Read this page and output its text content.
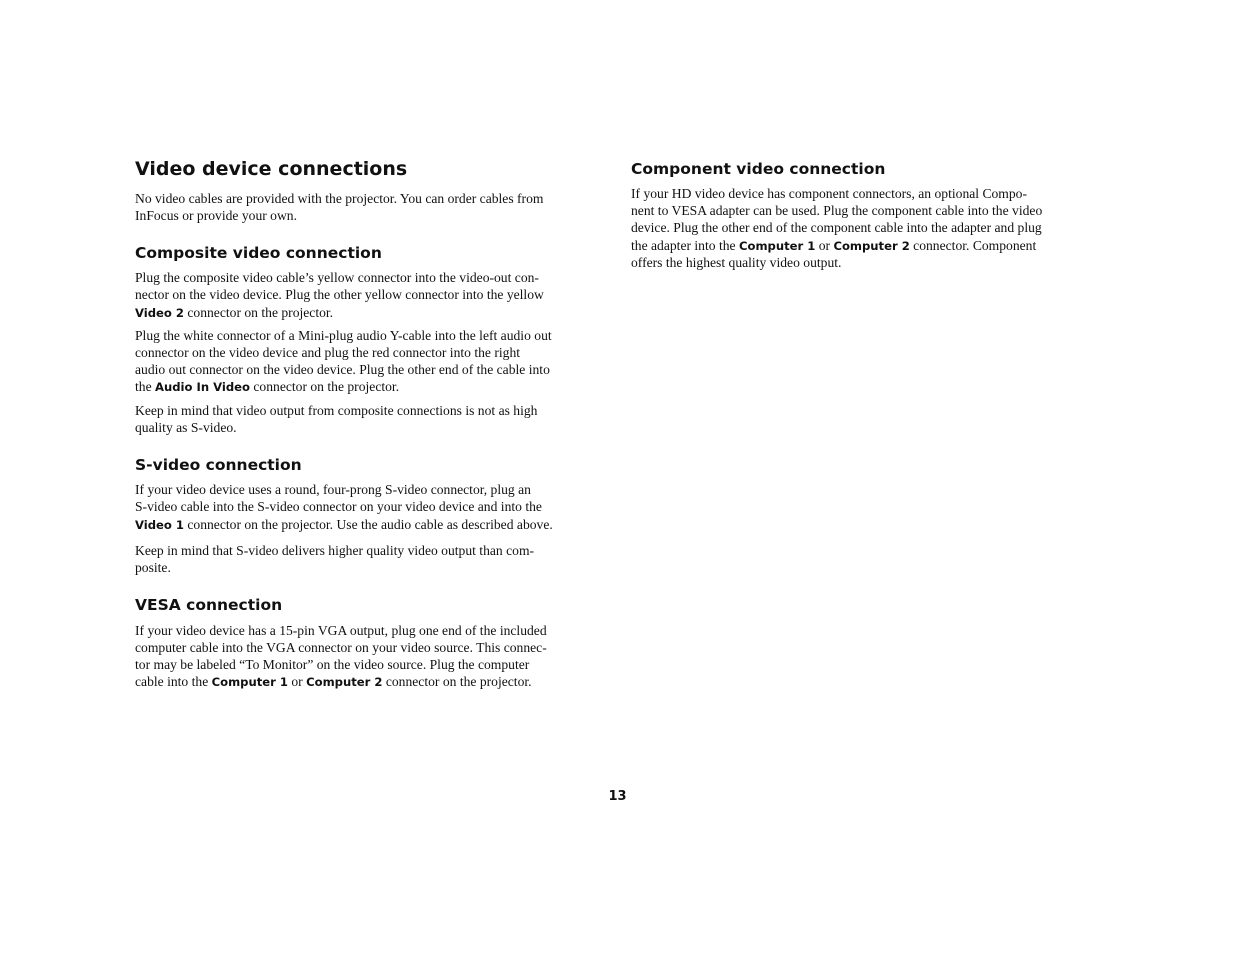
Video device connections

No video cables are provided with the projector. You can order cables from

InFocus or provide your own.

Composite video connection

Plug the composite video cable’s yellow connector into the video-out con-

nector on the video device. Plug the other yellow connector into the yellow

Video 2 connector on the projector.

Plug the white connector of a Mini-plug audio Y-cable into the left audio out

connector on the video device and plug the red connector into the right

audio out connector on the video device. Plug the other end of the cable into

the Audio In Video connector on the projector.

Keep in mind that video output from composite connections is not as high

quality as S-video.

S-video connection

If your video device uses a round, four-prong S-video connector, plug an

S-video cable into the S-video connector on your video device and into the

Video 1 connector on the projector. Use the audio cable as described above.

Keep in mind that S-video delivers higher quality video output than com-

posite.

VESA connection

If your video device has a 15-pin VGA output, plug one end of the included

computer cable into the VGA connector on your video source. This connec-

tor may be labeled “To Monitor” on the video source. Plug the computer

cable into the Computer 1 or Computer 2 connector on the projector.

Component video connection

If your HD video device has component connectors, an optional Compo-

nent to VESA adapter can be used. Plug the component cable into the video

device. Plug the other end of the component cable into the adapter and plug

the adapter into the Computer 1 or Computer 2 connector. Component

offers the highest quality video output.

13
